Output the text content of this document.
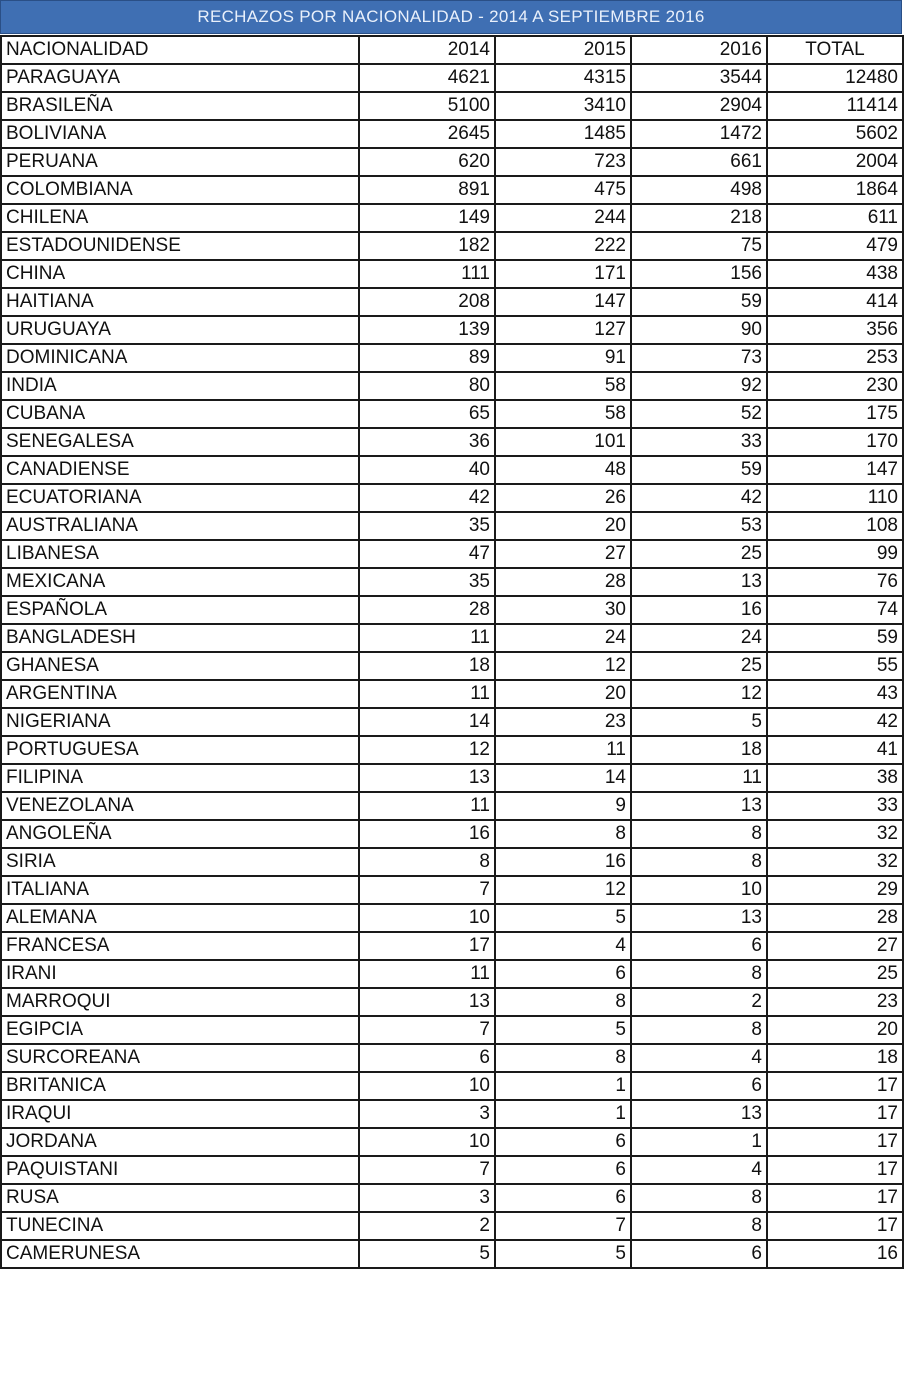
RECHAZOS POR NACIONALIDAD - 2014 A SEPTIEMBRE 2016
NACIONALIDAD	2014	2015	2016	TOTAL
PARAGUAYA	4621	4315	3544	12480
BRASILEÑA	5100	3410	2904	11414
BOLIVIANA	2645	1485	1472	5602
PERUANA	620	723	661	2004
COLOMBIANA	891	475	498	1864
CHILENA	149	244	218	611
ESTADOUNIDENSE	182	222	75	479
CHINA	111	171	156	438
HAITIANA	208	147	59	414
URUGUAYA	139	127	90	356
DOMINICANA	89	91	73	253
INDIA	80	58	92	230
CUBANA	65	58	52	175
SENEGALESA	36	101	33	170
CANADIENSE	40	48	59	147
ECUATORIANA	42	26	42	110
AUSTRALIANA	35	20	53	108
LIBANESA	47	27	25	99
MEXICANA	35	28	13	76
ESPAÑOLA	28	30	16	74
BANGLADESH	11	24	24	59
GHANESA	18	12	25	55
ARGENTINA	11	20	12	43
NIGERIANA	14	23	5	42
PORTUGUESA	12	11	18	41
FILIPINA	13	14	11	38
VENEZOLANA	11	9	13	33
ANGOLEÑA	16	8	8	32
SIRIA	8	16	8	32
ITALIANA	7	12	10	29
ALEMANA	10	5	13	28
FRANCESA	17	4	6	27
IRANI	11	6	8	25
MARROQUI	13	8	2	23
EGIPCIA	7	5	8	20
SURCOREANA	6	8	4	18
BRITANICA	10	1	6	17
IRAQUI	3	1	13	17
JORDANA	10	6	1	17
PAQUISTANI	7	6	4	17
RUSA	3	6	8	17
TUNECINA	2	7	8	17
CAMERUNESA	5	5	6	16
